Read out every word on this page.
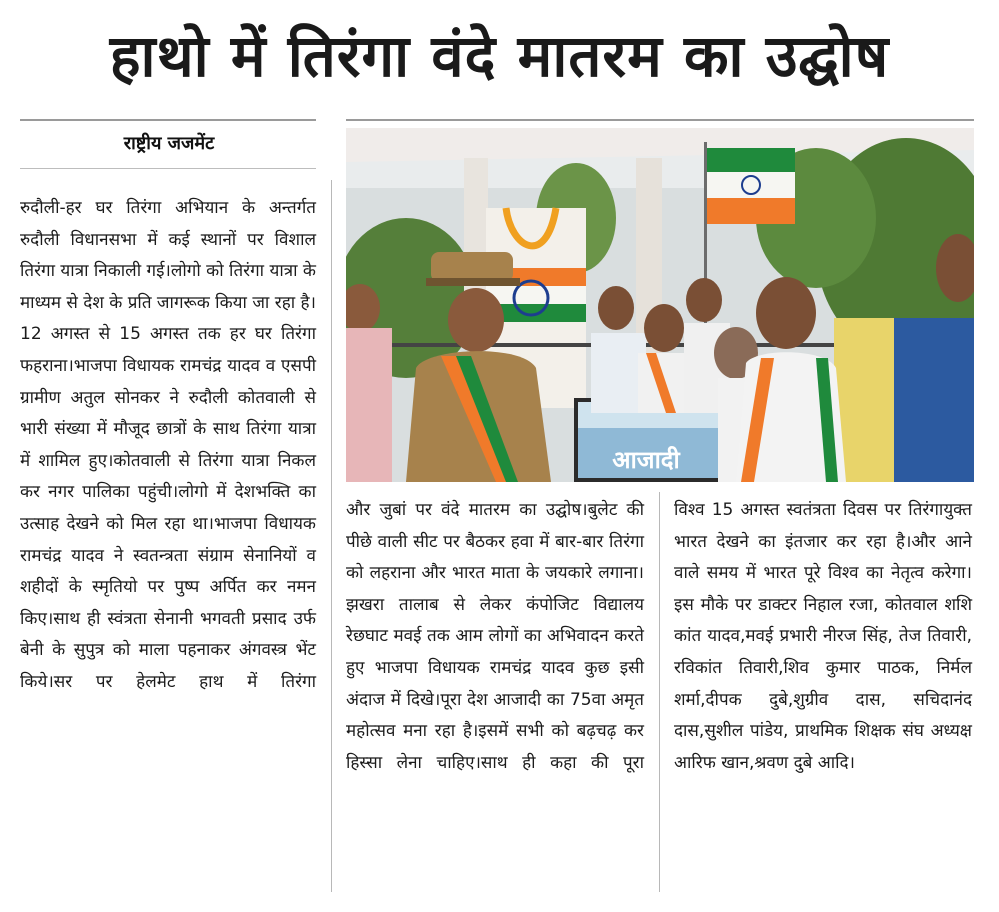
हाथो में तिरंगा वंदे मातरम का उद्घोष
राष्ट्रीय जजमेंट
रुदौली-हर घर तिरंगा अभियान के अन्तर्गत रुदौली विधानसभा में कई स्थानों पर विशाल तिरंगा यात्रा निकाली गई।लोगो को तिरंगा यात्रा के माध्यम से देश के प्रति जागरूक किया जा रहा है।12 अगस्त से 15 अगस्त तक हर घर तिरंगा फहराना।भाजपा विधायक रामचंद्र यादव व एसपी ग्रामीण अतुल सोनकर ने रुदौली कोतवाली से भारी संख्या में मौजूद छात्रों के साथ तिरंगा यात्रा में शामिल हुए।कोतवाली से तिरंगा यात्रा निकल कर नगर पालिका पहुंची।लोगो में देशभक्ति का उत्साह देखने को मिल रहा था।भाजपा विधायक रामचंद्र यादव ने स्वतन्त्रता संग्राम सेनानियों व शहीदों के स्मृतियो पर पुष्प अर्पित कर नमन किए।साथ ही स्वंत्रता सेनानी भगवती प्रसाद उर्फ बेनी के सुपुत्र को माला पहनाकर अंगवस्त्र भेंट किये।सर पर हेलमेट हाथ में तिरंगा
आजादी
और जुबां पर वंदे मातरम का उद्घोष।बुलेट की पीछे वाली सीट पर बैठकर हवा में बार-बार तिरंगा को लहराना और भारत माता के जयकारे लगाना। झखरा तालाब से लेकर कंपोजिट विद्यालय रेछघाट मवई तक आम लोगों का अभिवादन करते हुए भाजपा विधायक रामचंद्र यादव कुछ इसी अंदाज में दिखे।पूरा देश आजादी का 75वा अमृत महोत्सव मना रहा है।इसमें सभी को बढ़चढ़ कर हिस्सा लेना चाहिए।साथ ही कहा की पूरा
विश्व 15 अगस्त स्वतंत्रता दिवस पर तिरंगायुक्त भारत देखने का इंतजार कर रहा है।और आने वाले समय में भारत पूरे विश्व का नेतृत्व करेगा।इस मौके पर डाक्टर निहाल रजा, कोतवाल शशि कांत यादव,मवई प्रभारी नीरज सिंह, तेज तिवारी, रविकांत तिवारी,शिव कुमार पाठक, निर्मल शर्मा,दीपक दुबे,शुग्रीव दास, सचिदानंद दास,सुशील पांडेय, प्राथमिक शिक्षक संघ अध्यक्ष आरिफ खान,श्रवण दुबे आदि।
